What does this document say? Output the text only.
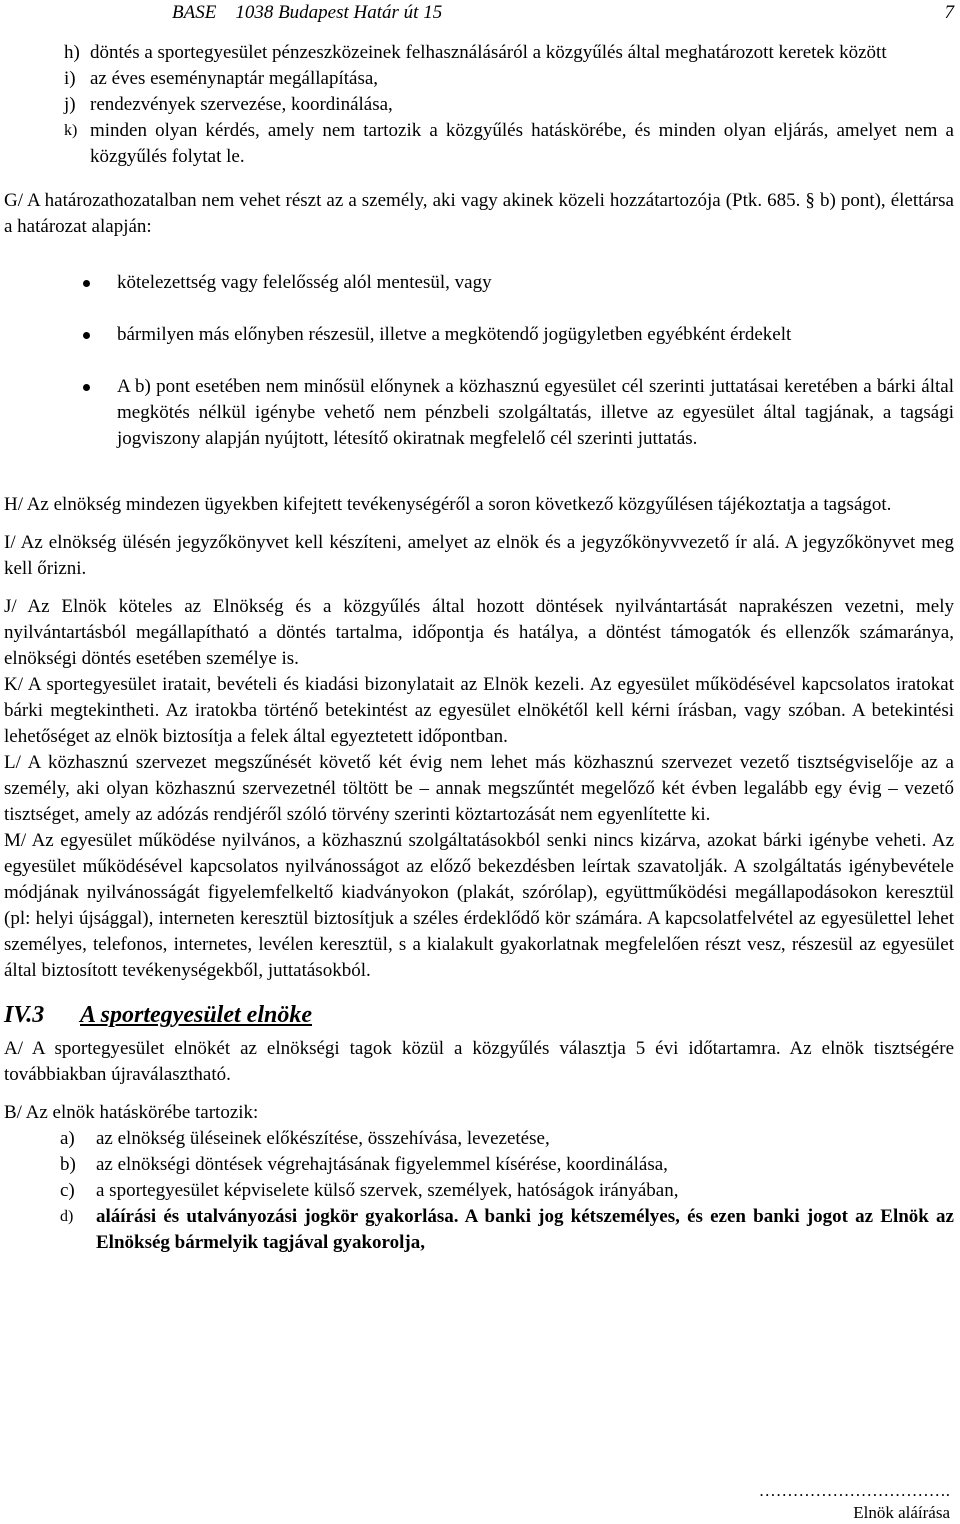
BASE    1038 Budapest Határ út 15	7
h) döntés a sportegyesület pénzeszközeinek felhasználásáról a közgyűlés által meghatározott keretek között
i) az éves eseménynaptár megállapítása,
j) rendezvények szervezése, koordinálása,
k) minden olyan kérdés, amely nem tartozik a közgyűlés hatáskörébe, és minden olyan eljárás, amelyet nem a közgyűlés folytat le.

G/ A határozathozatalban nem vehet részt az a személy, aki vagy akinek közeli hozzátartozója (Ptk. 685. § b) pont), élettársa a határozat alapján:

kötelezettség vagy felelősség alól mentesül, vagy
bármilyen más előnyben részesül, illetve a megkötendő jogügyletben egyébként érdekelt
A b) pont esetében nem minősül előnynek a közhasznú egyesület cél szerinti juttatásai keretében a bárki által megkötés nélkül igénybe vehető nem pénzbeli szolgáltatás, illetve az egyesület által tagjának, a tagsági jogviszony alapján nyújtott, létesítő okiratnak megfelelő cél szerinti juttatás.

H/ Az elnökség mindezen ügyekben kifejtett tevékenységéről a soron következő közgyűlésen tájékoztatja a tagságot.

I/ Az elnökség ülésén jegyzőkönyvet kell készíteni, amelyet az elnök és a jegyzőkönyvvezető ír alá. A jegyzőkönyvet meg kell őrizni.

J/ Az Elnök köteles az Elnökség és a közgyűlés által hozott döntések nyilvántartását naprakészen vezetni, mely nyilvántartásból megállapítható a döntés tartalma, időpontja és hatálya, a döntést támogatók és ellenzők számaránya, elnökségi döntés esetében személye is.

K/ A sportegyesület iratait, bevételi és kiadási bizonylatait az Elnök kezeli. Az egyesület működésével kapcsolatos iratokat bárki megtekintheti. Az iratokba történő betekintést az egyesület elnökétől kell kérni írásban, vagy szóban. A betekintési lehetőséget az elnök biztosítja a felek által egyeztetett időpontban.

L/ A közhasznú szervezet megszűnését követő két évig nem lehet más közhasznú szervezet vezető tisztségviselője az a személy, aki olyan közhasznú szervezetnél töltött be – annak megszűntét megelőző két évben legalább egy évig – vezető tisztséget, amely az adózás rendjéről szóló törvény szerinti köztartozását nem egyenlítette ki.

M/ Az egyesület működése nyilvános, a közhasznú szolgáltatásokból senki nincs kizárva, azokat bárki igénybe veheti. Az egyesület működésével kapcsolatos nyilvánosságot az előző bekezdésben leírtak szavatolják. A szolgáltatás igénybevétele módjának nyilvánosságát figyelemfelkeltő kiadványokon (plakát, szórólap), együttműködési megállapodásokon keresztül (pl: helyi újsággal), interneten keresztül biztosítjuk a széles érdeklődő kör számára. A kapcsolatfelvétel az egyesülettel lehet személyes, telefonos, internetes, levélen keresztül, s a kialakult gyakorlatnak megfelelően részt vesz, részesül az egyesület által biztosított tevékenységekből, juttatásokból.

IV.3 A sportegyesület elnöke

A/ A sportegyesület elnökét az elnökségi tagok közül a közgyűlés választja 5 évi időtartamra. Az elnök tisztségére továbbiakban újraválasztható.

B/ Az elnök hatáskörébe tartozik:

a)	az elnökség üléseinek előkészítése, összehívása, levezetése,
b)	az elnökségi döntések végrehajtásának figyelemmel kísérése, koordinálása,
c)	a sportegyesület képviselete külső szervek, személyek, hatóságok irányában,
d)	aláírási és utalványozási jogkör gyakorlása. A banki jog kétszemélyes, és ezen banki jogot az Elnök az Elnökség bármelyik tagjával gyakorolja,
…………………………….
Elnök aláírása
